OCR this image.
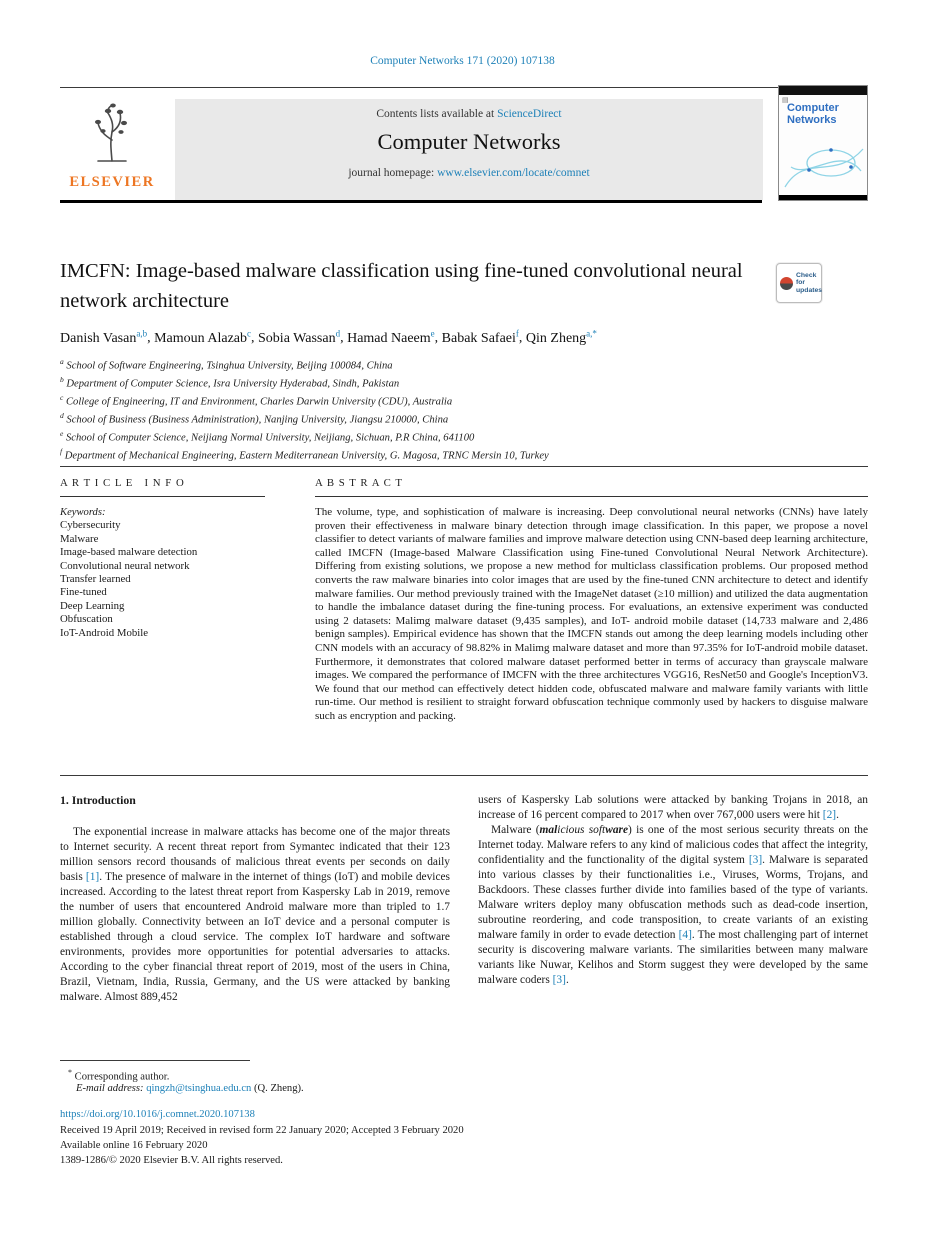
Computer Networks 171 (2020) 107138
ELSEVIER
Contents lists available at ScienceDirect
Computer Networks
journal homepage: www.elsevier.com/locate/comnet
▤
Computer
Networks
IMCFN: Image-based malware classification using fine-tuned convolutional neural network architecture
Check for
updates
Danish Vasan$^{a,b}$, Mamoun Alazab$^c$, Sobia Wassan$^d$, Hamad Naeem$^e$, Babak Safaei$^f$, Qin Zheng$^{a,*}$
$^a$ School of Software Engineering, Tsinghua University, Beijing 100084, China
$^b$ Department of Computer Science, Isra University Hyderabad, Sindh, Pakistan
$^c$ College of Engineering, IT and Environment, Charles Darwin University (CDU), Australia
$^d$ School of Business (Business Administration), Nanjing University, Jiangsu 210000, China
$^e$ School of Computer Science, Neijiang Normal University, Neijiang, Sichuan, P.R China, 641100
$^f$ Department of Mechanical Engineering, Eastern Mediterranean University, G. Magosa, TRNC Mersin 10, Turkey
A R T I C L E   I N F O
Keywords:
Cybersecurity
Malware
Image-based malware detection
Convolutional neural network
Transfer learned
Fine-tuned
Deep Learning
Obfuscation
IoT-Android Mobile
A B S T R A C T
The volume, type, and sophistication of malware is increasing. Deep convolutional neural networks (CNNs) have lately proven their effectiveness in malware binary detection through image classification. In this paper, we propose a novel classifier to detect variants of malware families and improve malware detection using CNN-based deep learning architecture, called IMCFN (Image-based Malware Classification using Fine-tuned Convolutional Neural Network Architecture). Differing from existing solutions, we propose a new method for multiclass classification problems. Our proposed method converts the raw malware binaries into color images that are used by the fine-tuned CNN architecture to detect and identify malware families. Our method previously trained with the ImageNet dataset (≥10 million) and utilized the data augmentation to handle the imbalance dataset during the fine-tuning process. For evaluations, an extensive experiment was conducted using 2 datasets: Malimg malware dataset (9,435 samples), and IoT- android mobile dataset (14,733 malware and 2,486 benign samples). Empirical evidence has shown that the IMCFN stands out among the deep learning models including other CNN models with an accuracy of 98.82% in Malimg malware dataset and more than 97.35% for IoT-android mobile dataset. Furthermore, it demonstrates that colored malware dataset performed better in terms of accuracy than grayscale malware images. We compared the performance of IMCFN with the three architectures VGG16, ResNet50 and Google's InceptionV3. We found that our method can effectively detect hidden code, obfuscated malware and malware family variants with little run-time. Our method is resilient to straight forward obfuscation technique commonly used by hackers to disguise malware such as encryption and packing.
1. Introduction

The exponential increase in malware attacks has become one of the major threats to Internet security. A recent threat report from Symantec indicated that their 123 million sensors record thousands of malicious threat events per seconds on daily basis [1]. The presence of malware in the internet of things (IoT) and mobile devices increased. According to the latest threat report from Kaspersky Lab in 2019, remove the number of users that encountered Android malware more than tripled to 1.7 million globally. Connectivity between an IoT device and a personal computer is established through a cloud service. The complex IoT hardware and software environments, provides more opportunities for potential adversaries to attacks. According to the cyber financial threat report of 2019, most of the users in China, Brazil, Vietnam, India, Russia, Germany, and the US were attacked by banking malware. Almost 889,452

users of Kaspersky Lab solutions were attacked by banking Trojans in 2018, an increase of 16 percent compared to 2017 when over 767,000 users were hit [2].

Malware (malicious software) is one of the most serious security threats on the Internet today. Malware refers to any kind of malicious codes that affect the integrity, confidentiality and the functionality of the digital system [3]. Malware is separated into various classes by their functionalities i.e., Viruses, Worms, Trojans, and Backdoors. These classes further divide into families based of the type of variants. Malware writers deploy many obfuscation methods such as dead-code insertion, subroutine reordering, and code transposition, to create variants of an existing malware family in order to evade detection [4]. The most challenging part of internet security is discovering malware variants. The similarities between many malware variants like Nuwar, Kelihos and Storm suggest they were developed by the same malware coders [3].

* Corresponding author.
E-mail address: qingzh@tsinghua.edu.cn (Q. Zheng).
https://doi.org/10.1016/j.comnet.2020.107138
Received 19 April 2019; Received in revised form 22 January 2020; Accepted 3 February 2020
Available online 16 February 2020
1389-1286/© 2020 Elsevier B.V. All rights reserved.
